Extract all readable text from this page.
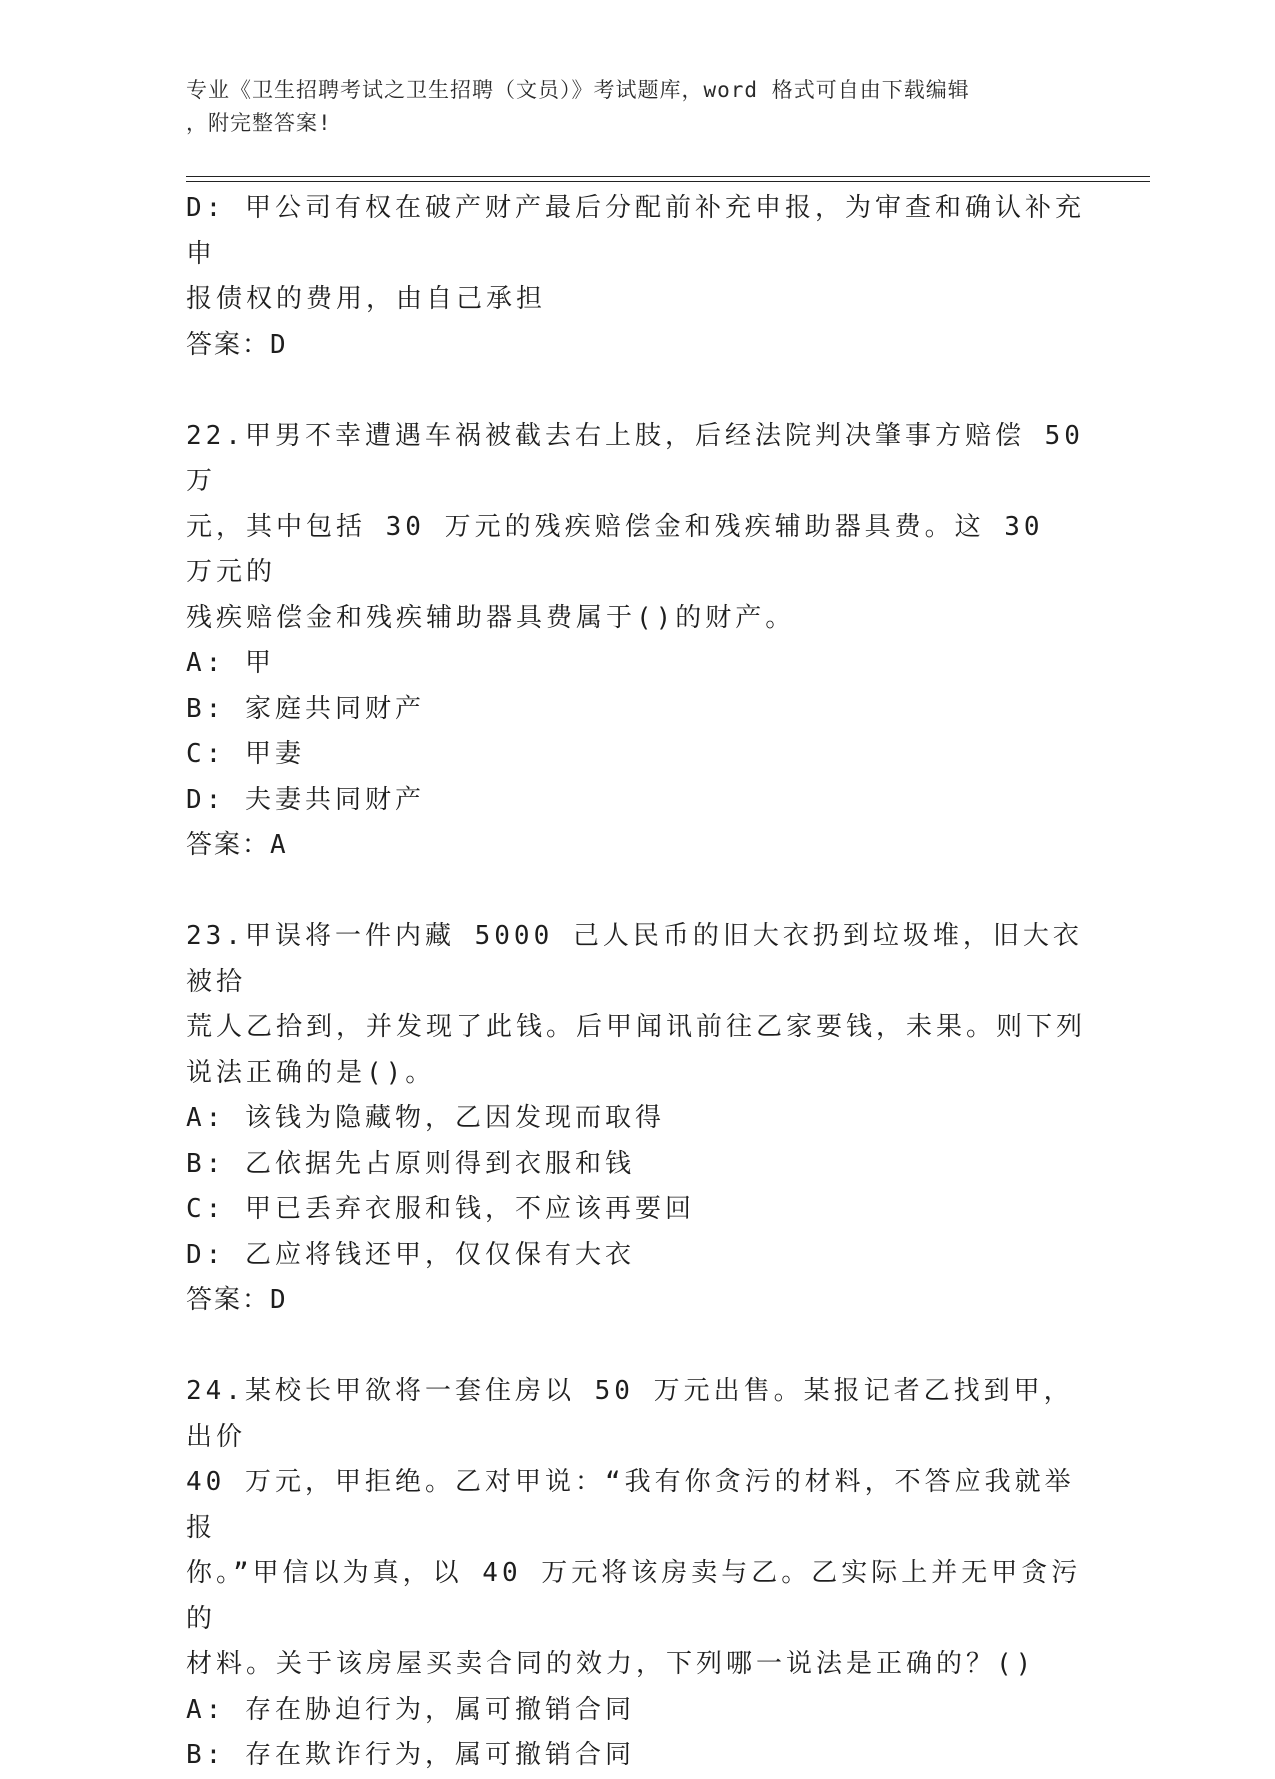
专业《卫生招聘考试之卫生招聘（文员）》考试题库，word 格式可自由下载编辑
，附完整答案!
D: 甲公司有权在破产财产最后分配前补充申报，为审查和确认补充申
报债权的费用，由自己承担
答案：D
22.甲男不幸遭遇车祸被截去右上肢，后经法院判决肇事方赔偿 50 万
元，其中包括 30 万元的残疾赔偿金和残疾辅助器具费。这 30 万元的
残疾赔偿金和残疾辅助器具费属于()的财产。
A: 甲
B: 家庭共同财产
C: 甲妻
D: 夫妻共同财产
答案：A
23.甲误将一件内藏 5000 己人民币的旧大衣扔到垃圾堆，旧大衣被拾
荒人乙拾到，并发现了此钱。后甲闻讯前往乙家要钱，未果。则下列
说法正确的是()。
A: 该钱为隐藏物，乙因发现而取得
B: 乙依据先占原则得到衣服和钱
C: 甲已丢弃衣服和钱，不应该再要回
D: 乙应将钱还甲，仅仅保有大衣
答案：D
24.某校长甲欲将一套住房以 50 万元出售。某报记者乙找到甲，出价
40 万元，甲拒绝。乙对甲说：“我有你贪污的材料，不答应我就举报
你。”甲信以为真，以 40 万元将该房卖与乙。乙实际上并无甲贪污的
材料。关于该房屋买卖合同的效力，下列哪一说法是正确的？()
A: 存在胁迫行为，属可撤销合同
B: 存在欺诈行为，属可撤销合同
